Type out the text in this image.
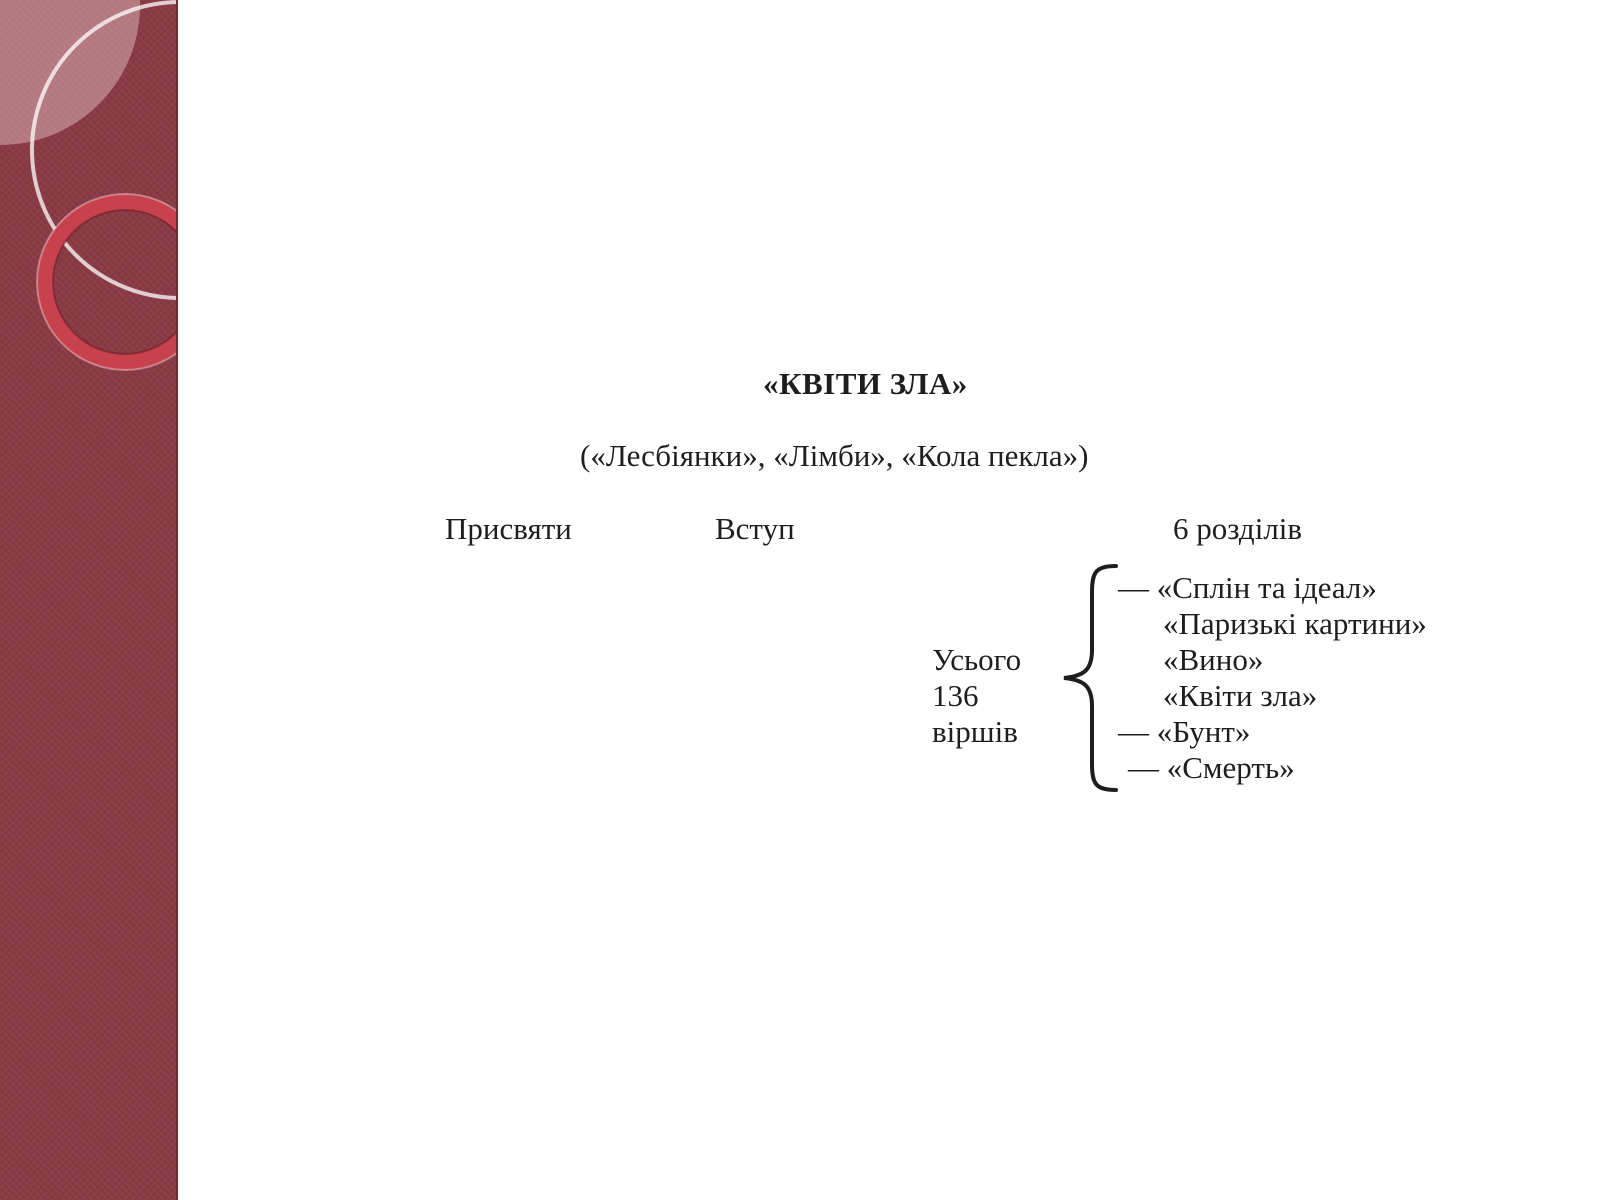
«КВІТИ ЗЛА»
(«Лесбіянки», «Лімби», «Кола пекла»)
Присвяти	Вступ	6 розділів
Усього
136
віршів
— «Сплін та ідеал»
«Паризькі картини»
«Вино»
«Квіти зла»
— «Бунт»
— «Смерть»
